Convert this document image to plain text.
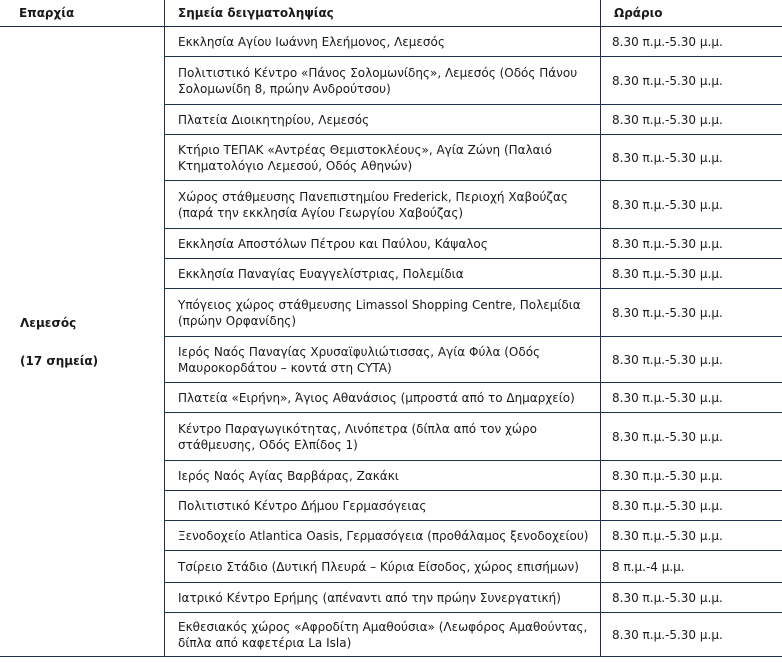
Επαρχία	Σημεία δειγματοληψίας	Ωράριο

Λεμεσός
(17 σημεία)	Εκκλησία Αγίου Ιωάννη Ελεήμονος, Λεμεσός	8.30 π.μ.-5.30 μ.μ.
	Πολιτιστικό Κέντρο «Πάνος Σολομωνίδης», Λεμεσός (Οδός Πάνου Σολομωνίδη 8, πρώην Ανδρούτσου)	8.30 π.μ.-5.30 μ.μ.
	Πλατεία Διοικητηρίου, Λεμεσός	8.30 π.μ.-5.30 μ.μ.
	Κτήριο ΤΕΠΑΚ «Αντρέας Θεμιστοκλέους», Αγία Ζώνη (Παλαιό Κτηματολόγιο Λεμεσού, Οδός Αθηνών)	8.30 π.μ.-5.30 μ.μ.
	Χώρος στάθμευσης Πανεπιστημίου Frederick, Περιοχή Χαβούζας (παρά την εκκλησία Αγίου Γεωργίου Χαβούζας)	8.30 π.μ.-5.30 μ.μ.
	Εκκλησία Αποστόλων Πέτρου και Παύλου, Κάψαλος	8.30 π.μ.-5.30 μ.μ.
	Εκκλησία Παναγίας Ευαγγελίστριας, Πολεμίδια	8.30 π.μ.-5.30 μ.μ.
	Υπόγειος χώρος στάθμευσης Limassol Shopping Centre, Πολεμίδια (πρώην Ορφανίδης)	8.30 π.μ.-5.30 μ.μ.
	Ιερός Ναός Παναγίας Χρυσαϊφυλιώτισσας, Αγία Φύλα (Οδός Μαυροκορδάτου – κοντά στη CYTA)	8.30 π.μ.-5.30 μ.μ.
	Πλατεία «Ειρήνη», Άγιος Αθανάσιος (μπροστά από το Δημαρχείο)	8.30 π.μ.-5.30 μ.μ.
	Κέντρο Παραγωγικότητας, Λινόπετρα (δίπλα από τον χώρο στάθμευσης, Οδός Ελπίδος 1)	8.30 π.μ.-5.30 μ.μ.
	Ιερός Ναός Αγίας Βαρβάρας, Ζακάκι	8.30 π.μ.-5.30 μ.μ.
	Πολιτιστικό Κέντρο Δήμου Γερμασόγειας	8.30 π.μ.-5.30 μ.μ.
	Ξενοδοχείο Atlantica Oasis, Γερμασόγεια (προθάλαμος ξενοδοχείου)	8.30 π.μ.-5.30 μ.μ.
	Τσίρειο Στάδιο (Δυτική Πλευρά – Κύρια Είσοδος, χώρος επισήμων)	8 π.μ.-4 μ.μ.
	Ιατρικό Κέντρο Ερήμης (απέναντι από την πρώην Συνεργατική)	8.30 π.μ.-5.30 μ.μ.
	Εκθεσιακός χώρος «Αφροδίτη Αμαθούσια» (Λεωφόρος Αμαθούντας, δίπλα από καφετέρια La Isla)	8.30 π.μ.-5.30 μ.μ.
